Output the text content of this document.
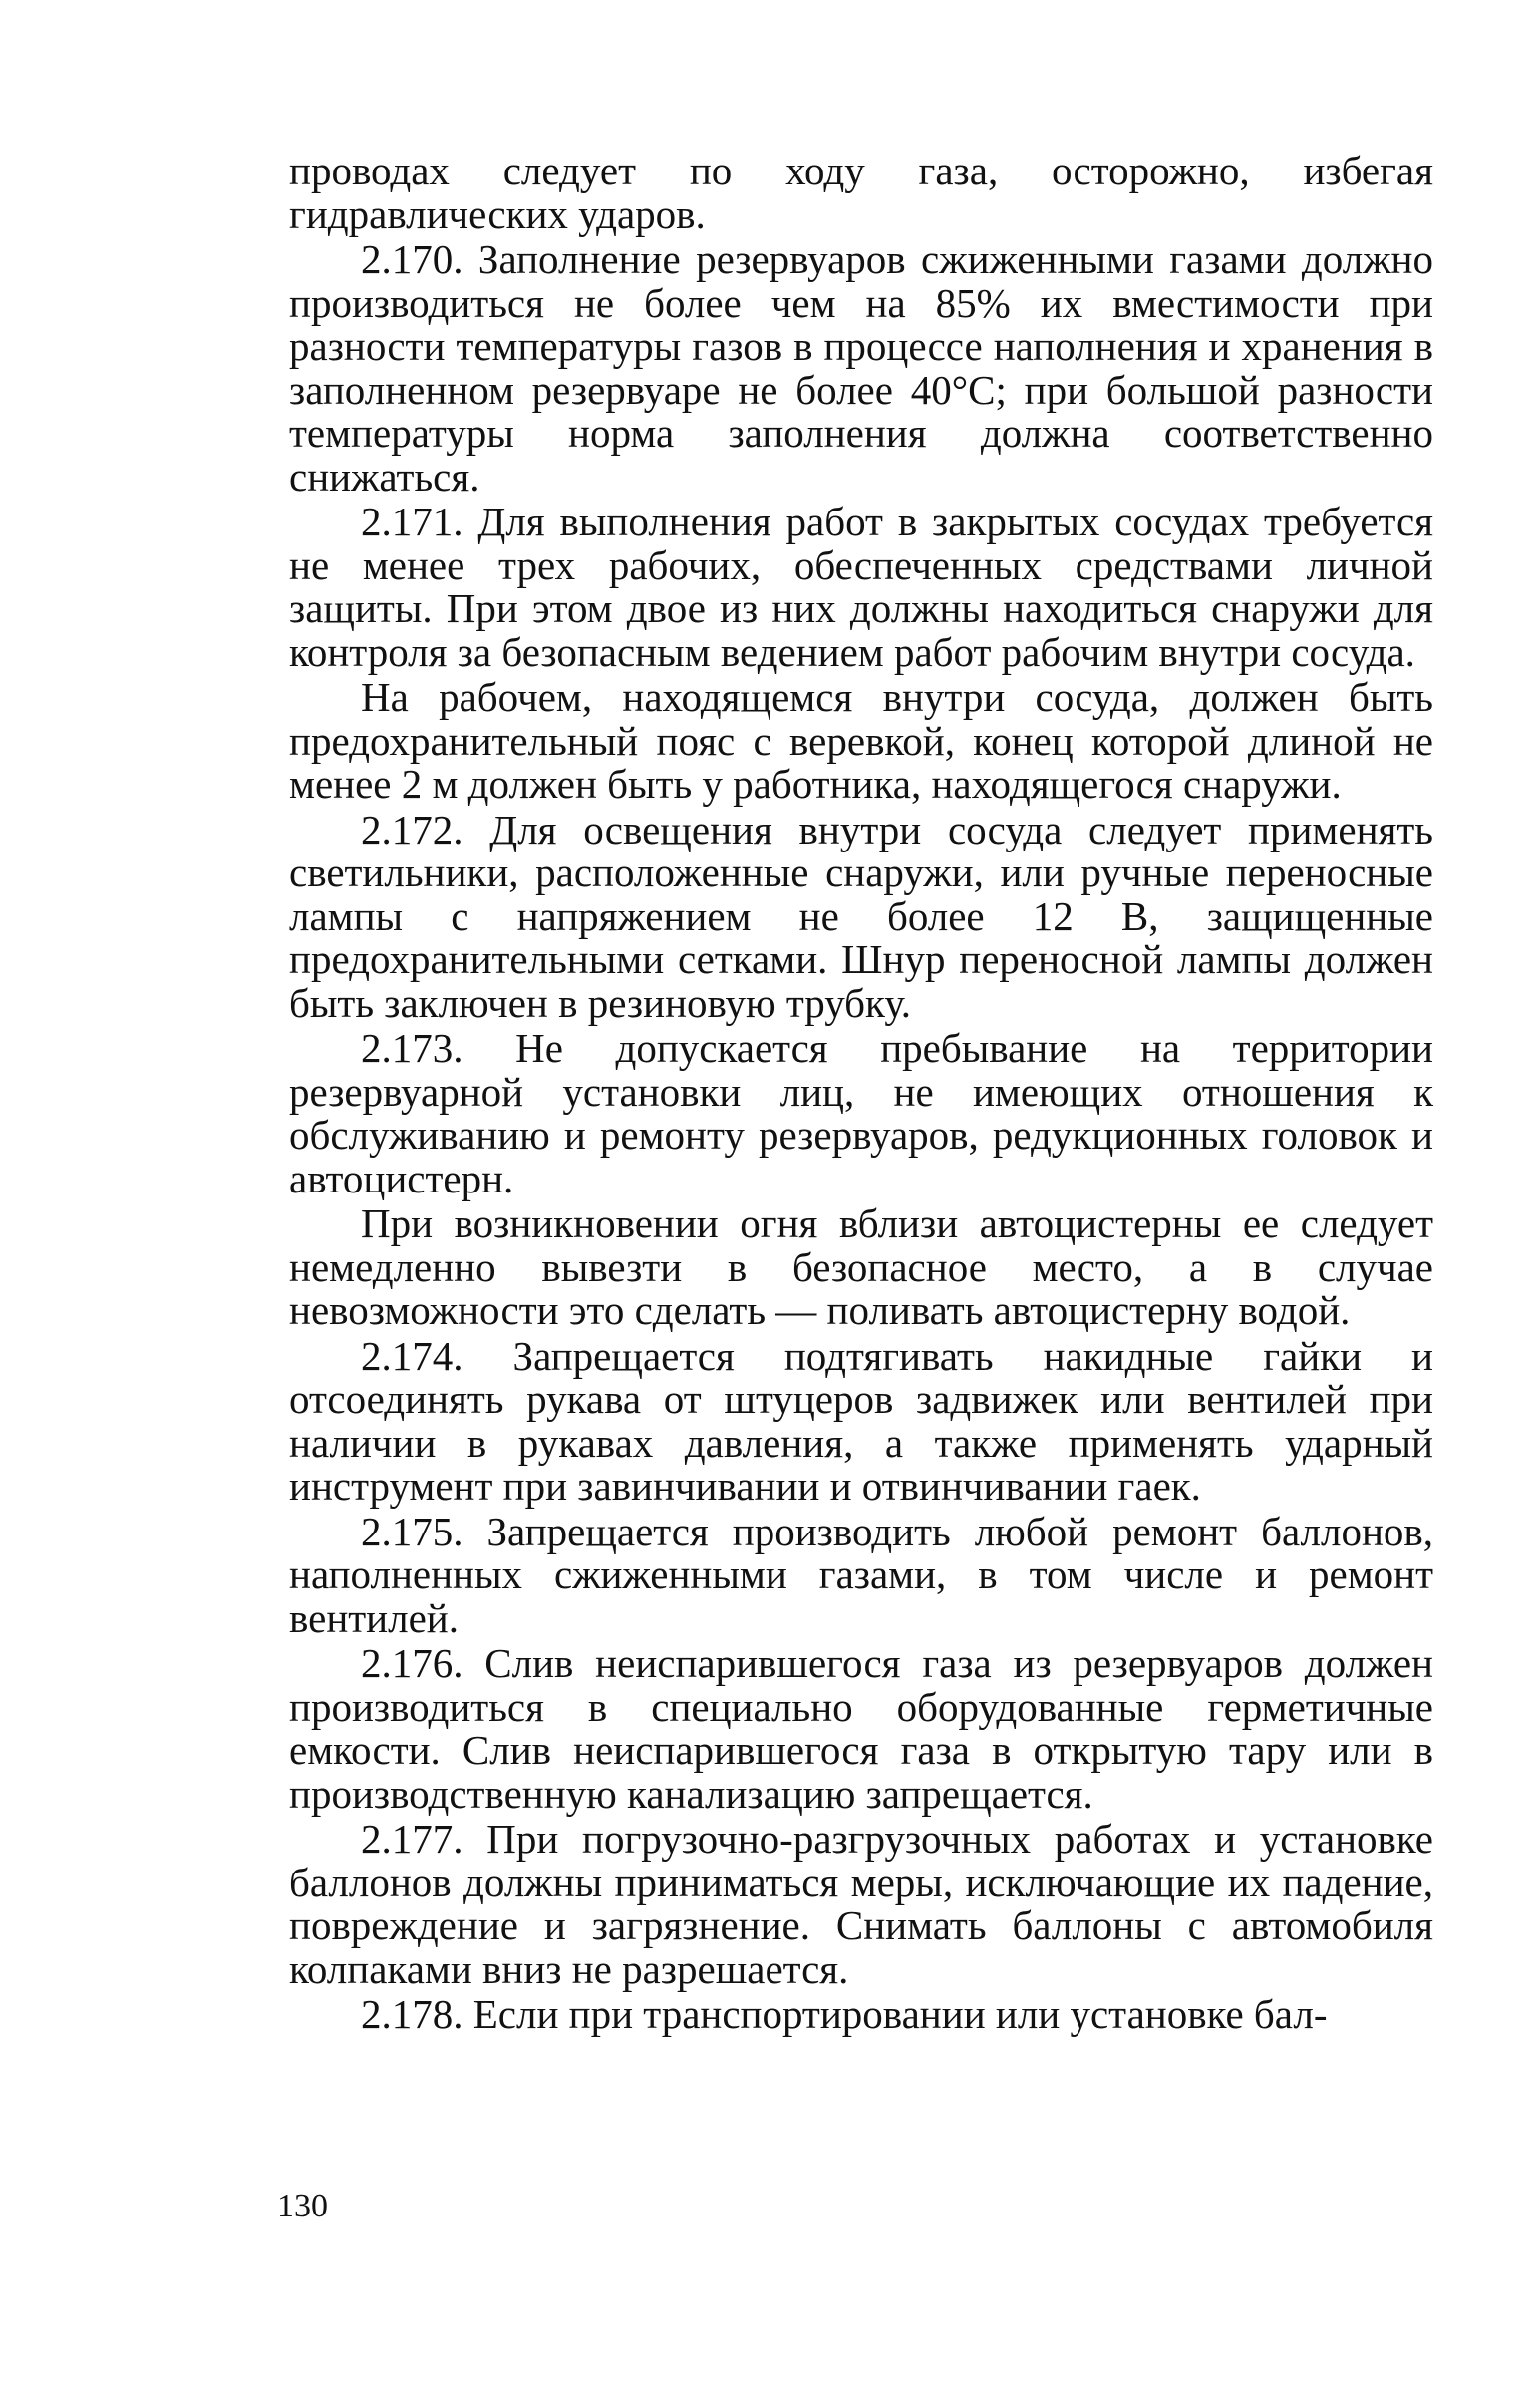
проводах следует по ходу газа, осторожно, избегая гидравлических ударов.

2.170. Заполнение резервуаров сжиженными газами должно производиться не более чем на 85% их вместимости при разности температуры газов в процессе наполнения и хранения в заполненном резервуаре не более 40°С; при большой разности температуры норма заполнения должна соответственно снижаться.

2.171. Для выполнения работ в закрытых сосудах требуется не менее трех рабочих, обеспеченных средствами личной защиты. При этом двое из них должны находиться снаружи для контроля за безопасным ведением работ рабочим внутри сосуда.

На рабочем, находящемся внутри сосуда, должен быть предохранительный пояс с веревкой, конец которой длиной не менее 2 м должен быть у работника, находящегося снаружи.

2.172. Для освещения внутри сосуда следует применять светильники, расположенные снаружи, или ручные переносные лампы с напряжением не более 12 В, защищенные предохранительными сетками. Шнур переносной лампы должен быть заключен в резиновую трубку.

2.173. Не допускается пребывание на территории резервуарной установки лиц, не имеющих отношения к обслуживанию и ремонту резервуаров, редукционных головок и автоцистерн.

При возникновении огня вблизи автоцистерны ее следует немедленно вывезти в безопасное место, а в случае невозможности это сделать — поливать автоцистерну водой.

2.174. Запрещается подтягивать накидные гайки и отсоединять рукава от штуцеров задвижек или вентилей при наличии в рукавах давления, а также применять ударный инструмент при завинчивании и отвинчивании гаек.

2.175. Запрещается производить любой ремонт баллонов, наполненных сжиженными газами, в том числе и ремонт вентилей.

2.176. Слив неиспарившегося газа из резервуаров должен производиться в специально оборудованные герметичные емкости. Слив неиспарившегося газа в открытую тару или в производственную канализацию запрещается.

2.177. При погрузочно-разгрузочных работах и установке баллонов должны приниматься меры, исключающие их падение, повреждение и загрязнение. Снимать баллоны с автомобиля колпаками вниз не разрешается.

2.178. Если при транспортировании или установке бал-

130
